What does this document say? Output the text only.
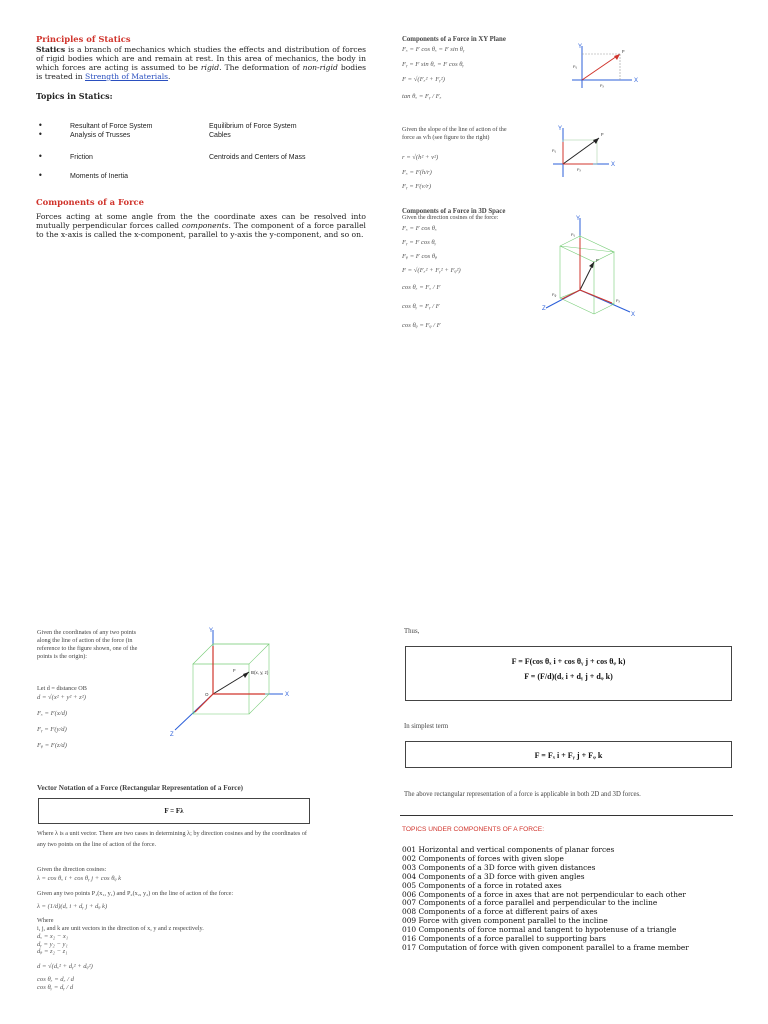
Principles of Statics

Statics is a branch of mechanics which studies the effects and distribution of forces of rigid bodies which are and remain at rest. In this area of mechanics, the body in which forces are acting is assumed to be rigid. The deformation of non-rigid bodies is treated in Strength of Materials.

Topics in Statics:
•
•
•
•
Resultant of Force System	Equilibrium of Force System
Analysis of Trusses	Cables
Friction	Centroids and Centers of Mass
Moments of Inertia
Components of a Force

Forces acting at some angle from the the coordinate axes can be resolved into mutually perpendicular forces called components. The component of a force parallel to the x-axis is called the x-component, parallel to y-axis the y-component, and so on.

Components of a Force in XY Plane
Fₓ = F cos θₓ = F sin θᵧ
Fᵧ = F sin θₓ = F cos θᵧ
F = √(Fₓ² + Fᵧ²)
tan θₓ = Fᵧ / Fₓ
Y
X
F
Fᵧ
Fₓ
Given the slope of the line of action of the force as v/h (see figure to the right)
r = √(h² + v²)
Fₓ = F(h/r)
Fᵧ = F(v/r)
Y
X
F
Fᵧ
Fₓ
Components of a Force in 3D Space
Given the direction cosines of the force:
Fₓ = F cos θₓ
Fᵧ = F cos θᵧ
Fᵩ = F cos θᵩ
F = √(Fₓ² + Fᵧ² + Fᵩ²)
cos θₓ = Fₓ / F
cos θᵧ = Fᵧ / F
cos θᵩ = Fᵩ / F
Y
X
Z
F
Fᵧ
Fₓ
Fᵩ
Given the coordinates of any two points along the line of action of the force (in reference to the figure shown, one of the points is the origin):
Let d = distance OB
d = √(x² + y² + z²)
Fₓ = F(x/d)
Fᵧ = F(y/d)
Fᵩ = F(z/d)
Y
X
Z
B(x, y, z)
O
F
Vector Notation of a Force (Rectangular Representation of a Force)
F = Fλ
Where λ is a unit vector. There are two cases in determining λ; by direction cosines and by the coordinates of any two points on the line of action of the force.
Given the direction cosines:
λ = cos θₓ i + cos θᵧ j + cos θᵩ k
Given any two points P₁(x₁, y₁) and P₂(x₂, y₂) on the line of action of the force:
λ = (1/d)(dₓ i + dᵧ j + dᵩ k)
Where
i, j, and k are unit vectors in the direction of x, y and z respectively.
dₓ = x₂ − x₁
dᵧ = y₂ − y₁
dᵩ = z₂ − z₁
d = √(dₓ² + dᵧ² + dᵩ²)
cos θₓ = dₓ / d
cos θᵧ = dᵧ / d
Thus,
F = F(cos θₓ i + cos θᵧ j + cos θᵩ k)
F = (F/d)(dₓ i + dᵧ j + dᵩ k)
In simplest term
F = Fₓ i + Fᵧ j + Fᵩ k
The above rectangular representation of a force is applicable in both 2D and 3D forces.
TOPICS UNDER COMPONENTS OF A FORCE:
001 Horizontal and vertical components of planar forces
002 Components of forces with given slope
003 Components of a 3D force with given distances
004 Components of a 3D force with given angles
005 Components of a force in rotated axes
006 Components of a force in axes that are not perpendicular to each other
007 Components of a force parallel and perpendicular to the incline
008 Components of a force at different pairs of axes
009 Force with given component parallel to the incline
010 Components of force normal and tangent to hypotenuse of a triangle
016 Components of a force parallel to supporting bars
017 Computation of force with given component parallel to a frame member
